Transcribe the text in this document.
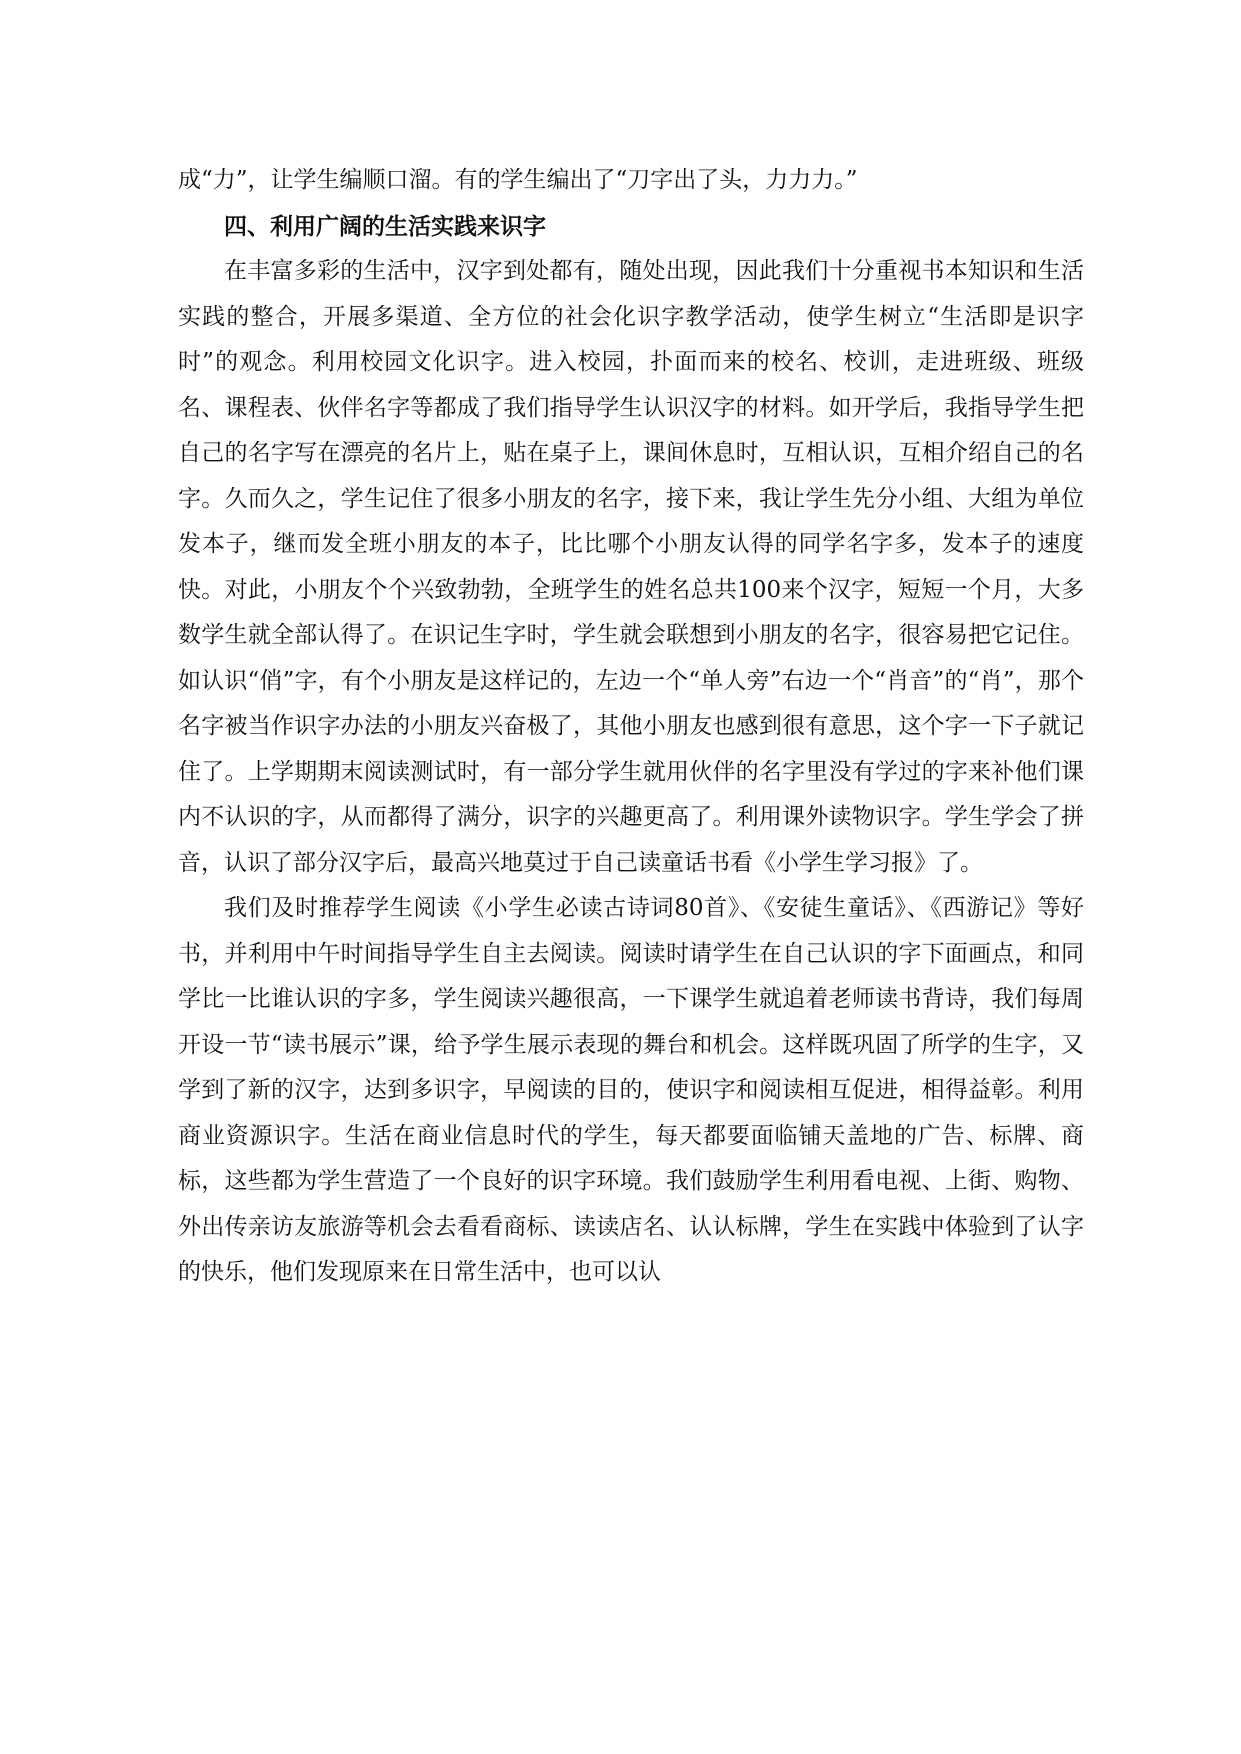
成“力”，让学生编顺口溜。有的学生编出了“刀字出了头，力力力。”

四、利用广阔的生活实践来识字

在丰富多彩的生活中，汉字到处都有，随处出现，因此我们十分重视书本知识和生活实践的整合，开展多渠道、全方位的社会化识字教学活动，使学生树立“生活即是识字时”的观念。利用校园文化识字。进入校园，扑面而来的校名、校训，走进班级、班级名、课程表、伙伴名字等都成了我们指导学生认识汉字的材料。如开学后，我指导学生把自己的名字写在漂亮的名片上，贴在桌子上，课间休息时，互相认识，互相介绍自己的名字。久而久之，学生记住了很多小朋友的名字，接下来，我让学生先分小组、大组为单位发本子，继而发全班小朋友的本子，比比哪个小朋友认得的同学名字多，发本子的速度快。对此，小朋友个个兴致勃勃，全班学生的姓名总共100来个汉字，短短一个月，大多数学生就全部认得了。在识记生字时，学生就会联想到小朋友的名字，很容易把它记住。如认识“俏”字，有个小朋友是这样记的，左边一个“单人旁”右边一个“肖音”的“肖”，那个名字被当作识字办法的小朋友兴奋极了，其他小朋友也感到很有意思，这个字一下子就记住了。上学期期末阅读测试时，有一部分学生就用伙伴的名字里没有学过的字来补他们课内不认识的字，从而都得了满分，识字的兴趣更高了。利用课外读物识字。学生学会了拼音，认识了部分汉字后，最高兴地莫过于自己读童话书看《小学生学习报》了。

我们及时推荐学生阅读《小学生必读古诗词80首》、《安徒生童话》、《西游记》等好书，并利用中午时间指导学生自主去阅读。阅读时请学生在自己认识的字下面画点，和同学比一比谁认识的字多，学生阅读兴趣很高，一下课学生就追着老师读书背诗，我们每周开设一节“读书展示”课，给予学生展示表现的舞台和机会。这样既巩固了所学的生字，又学到了新的汉字，达到多识字，早阅读的目的，使识字和阅读相互促进，相得益彰。利用商业资源识字。生活在商业信息时代的学生，每天都要面临铺天盖地的广告、标牌、商标，这些都为学生营造了一个良好的识字环境。我们鼓励学生利用看电视、上街、购物、外出传亲访友旅游等机会去看看商标、读读店名、认认标牌，学生在实践中体验到了认字的快乐，他们发现原来在日常生活中，也可以认
